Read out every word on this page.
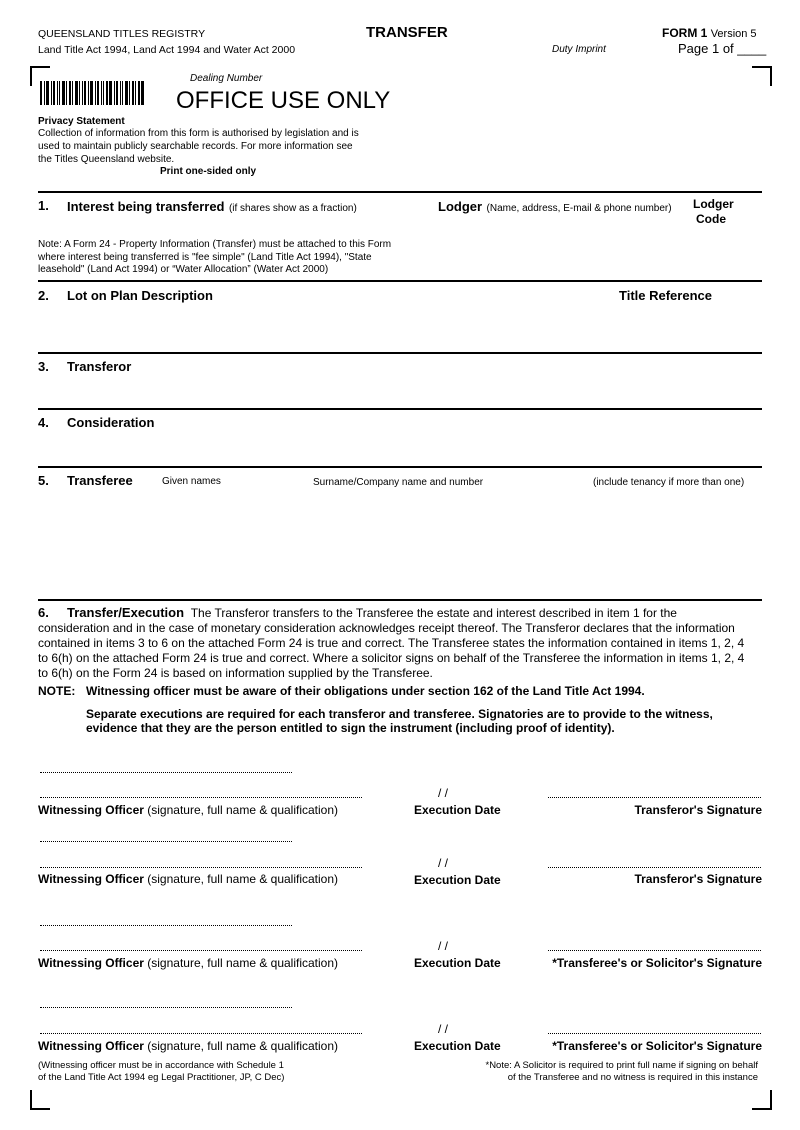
QUEENSLAND TITLES REGISTRY
Land Title Act 1994, Land Act 1994 and Water Act 2000
TRANSFER	FORM 1 Version 5
Duty Imprint	Page 1 of ____
Dealing Number
OFFICE USE ONLY
Privacy Statement
Collection of information from this form is authorised by legislation and is
used to maintain publicly searchable records. For more information see
the Titles Queensland website.
Print one-sided only
1. Interest being transferred (if shares show as a fraction)	Lodger (Name, address, E-mail & phone number) Lodger
Code
Note: A Form 24 - Property Information (Transfer) must be attached to this Form
where interest being transferred is "fee simple" (Land Title Act 1994), "State
leasehold" (Land Act 1994) or “Water Allocation” (Water Act 2000)
2. Lot on Plan Description	Title Reference
3. Transferor
4. Consideration
5. Transferee	Given names	Surname/Company name and number	(include tenancy if more than one)
6. Transfer/Execution The Transferor transfers to the Transferee the estate and interest described in item 1 for the
consideration and in the case of monetary consideration acknowledges receipt thereof. The Transferor declares that the information
contained in items 3 to 6 on the attached Form 24 is true and correct. The Transferee states the information contained in items 1, 2, 4
to 6(h) on the attached Form 24 is true and correct. Where a solicitor signs on behalf of the Transferee the information in items 1, 2, 4
to 6(h) on the Form 24 is based on information supplied by the Transferee.
NOTE: Witnessing officer must be aware of their obligations under section 162 of the Land Title Act 1994.
Separate executions are required for each transferor and transferee. Signatories are to provide to the witness,
evidence that they are the person entitled to sign the instrument (including proof of identity).
Witnessing Officer (signature, full name & qualification)
/ /
Execution Date	Transferor's Signature
Witnessing Officer (signature, full name & qualification)
/ /
Execution Date	Transferor's Signature
Witnessing Officer (signature, full name & qualification)
/ /
Execution Date	*Transferee's or Solicitor's Signature
Witnessing Officer (signature, full name & qualification)
/ /
Execution Date	*Transferee's or Solicitor's Signature
(Witnessing officer must be in accordance with Schedule 1
of the Land Title Act 1994 eg Legal Practitioner, JP, C Dec)
*Note: A Solicitor is required to print full name if signing on behalf
of the Transferee and no witness is required in this instance
